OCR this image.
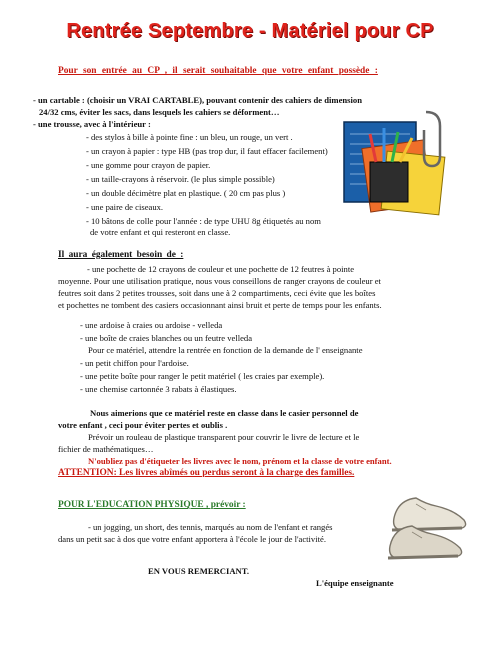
Rentrée Septembre - Matériel pour CP
Pour son entrée au CP , il serait souhaitable que votre enfant possède :
- un cartable : (choisir un VRAI CARTABLE), pouvant contenir des cahiers de dimension
24/32 cms, éviter les sacs, dans lesquels les cahiers se déforment…
- une trousse, avec à l'intérieur :
- des stylos à bille à pointe fine : un bleu, un rouge, un vert .
- un crayon à papier : type HB (pas trop dur, il faut effacer facilement)
- une gomme pour crayon de papier.
- un taille-crayons à réservoir. (le plus simple possible)
- un double décimètre plat en plastique. ( 20 cm pas plus )
- une paire de ciseaux.
- 10 bâtons de colle pour l'année : de type UHU 8g étiquetés au nom
de votre enfant et qui resteront en classe.
Il aura également besoin de :
- une pochette de 12 crayons de couleur et une pochette de 12 feutres à pointe
moyenne. Pour une utilisation pratique, nous vous conseillons de ranger crayons de couleur et
feutres soit dans 2 petites trousses, soit dans une à 2 compartiments, ceci évite que les boîtes
et pochettes ne tombent des casiers occasionnant ainsi bruit et perte de temps pour les enfants.
- une ardoise à craies ou ardoise - velleda
- une boîte de craies blanches ou un feutre velleda
Pour ce matériel, attendre la rentrée en fonction de la demande de l' enseignante
- un petit chiffon pour l'ardoise.
- une petite boîte pour ranger le petit matériel ( les craies par exemple).
- une chemise cartonnée 3 rabats à élastiques.
Nous aimerions que ce matériel reste en classe dans le casier personnel de
votre enfant , ceci pour éviter pertes et oublis .
Prévoir un rouleau de plastique transparent pour couvrir le livre de lecture et le
fichier de mathématiques…
N'oubliez pas d'étiqueter les livres avec le nom, prénom et la classe de votre enfant.
ATTENTION: Les livres abîmés ou perdus seront à la charge des familles.
POUR L'EDUCATION PHYSIQUE , prévoir :
- un jogging, un short, des tennis, marqués au nom de l'enfant et rangés
dans un petit sac à dos que votre enfant apportera à l'école le jour de l'activité.
EN VOUS REMERCIANT.
L'équipe enseignante
